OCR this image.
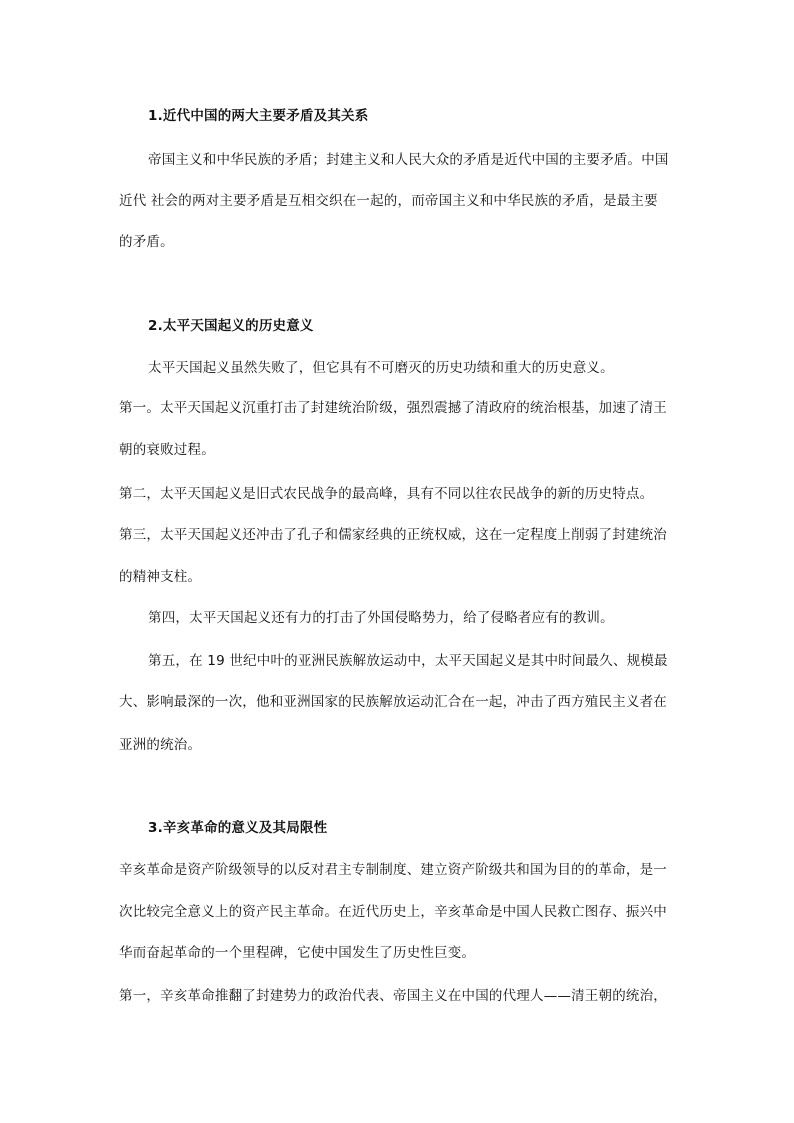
1.近代中国的两大主要矛盾及其关系
帝国主义和中华民族的矛盾；封建主义和人民大众的矛盾是近代中国的主要矛盾。中国
近代 社会的两对主要矛盾是互相交织在一起的，而帝国主义和中华民族的矛盾，是最主要
的矛盾。
2.太平天国起义的历史意义
太平天国起义虽然失败了，但它具有不可磨灭的历史功绩和重大的历史意义。
第一。太平天国起义沉重打击了封建统治阶级，强烈震撼了清政府的统治根基，加速了清王
朝的衰败过程。
第二，太平天国起义是旧式农民战争的最高峰，具有不同以往农民战争的新的历史特点。
第三，太平天国起义还冲击了孔子和儒家经典的正统权威，这在一定程度上削弱了封建统治
的精神支柱。
第四，太平天国起义还有力的打击了外国侵略势力，给了侵略者应有的教训。
第五，在 19 世纪中叶的亚洲民族解放运动中，太平天国起义是其中时间最久、规模最
大、影响最深的一次，他和亚洲国家的民族解放运动汇合在一起，冲击了西方殖民主义者在
亚洲的统治。
3.辛亥革命的意义及其局限性
辛亥革命是资产阶级领导的以反对君主专制制度、建立资产阶级共和国为目的的革命，是一
次比较完全意义上的资产民主革命。在近代历史上，辛亥革命是中国人民救亡图存、振兴中
华而奋起革命的一个里程碑，它使中国发生了历史性巨变。
第一，辛亥革命推翻了封建势力的政治代表、帝国主义在中国的代理人——清王朝的统治，
